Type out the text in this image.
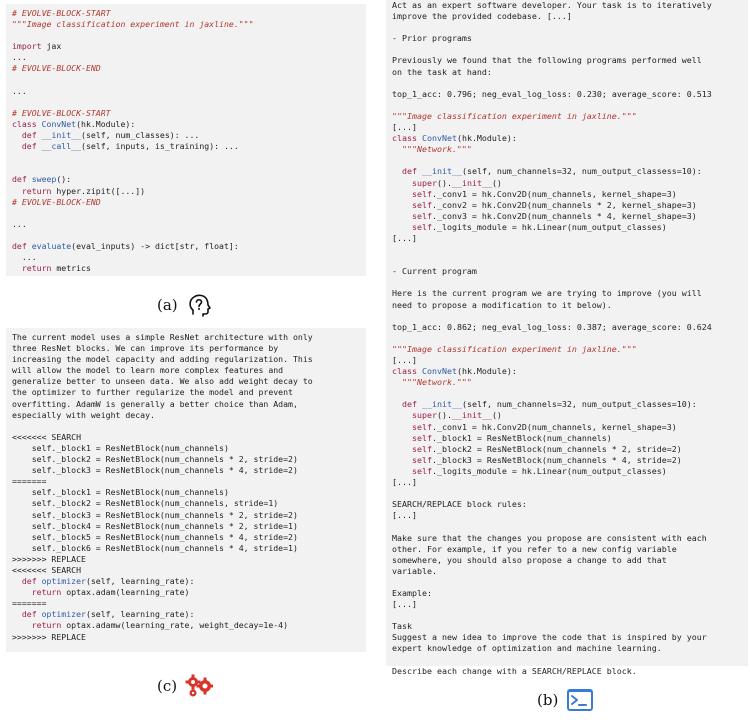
# EVOLVE-BLOCK-START
"""Image classification experiment in jaxline."""

import jax
...
# EVOLVE-BLOCK-END

...

# EVOLVE-BLOCK-START
class ConvNet(hk.Module):
def __init__(self, num_classes): ...
def __call__(self, inputs, is_training): ...

def sweep():
return hyper.zipit([...])
# EVOLVE-BLOCK-END

...

def evaluate(eval_inputs) -> dict[str, float]:
...
return metrics

(a)
The current model uses a simple ResNet architecture with only
three ResNet blocks. We can improve its performance by
increasing the model capacity and adding regularization. This
will allow the model to learn more complex features and
generalize better to unseen data. We also add weight decay to
the optimizer to further regularize the model and prevent
overfitting. AdamW is generally a better choice than Adam,
especially with weight decay.

<<<<<<< SEARCH
self._block1 = ResNetBlock(num_channels)
self._block2 = ResNetBlock(num_channels * 2, stride=2)
self._block3 = ResNetBlock(num_channels * 4, stride=2)
=======
self._block1 = ResNetBlock(num_channels)
self._block2 = ResNetBlock(num_channels, stride=1)
self._block3 = ResNetBlock(num_channels * 2, stride=2)
self._block4 = ResNetBlock(num_channels * 2, stride=1)
self._block5 = ResNetBlock(num_channels * 4, stride=2)
self._block6 = ResNetBlock(num_channels * 4, stride=1)
>>>>>>> REPLACE
<<<<<<< SEARCH
def optimizer(self, learning_rate):
return optax.adam(learning_rate)
=======
def optimizer(self, learning_rate):
return optax.adamw(learning_rate, weight_decay=1e-4)
>>>>>>> REPLACE

(c)
Act as an expert software developer. Your task is to iteratively
improve the provided codebase. [...]

- Prior programs

Previously we found that the following programs performed well
on the task at hand:

top_1_acc: 0.796; neg_eval_log_loss: 0.230; average_score: 0.513

"""Image classification experiment in jaxline."""
[...]
class ConvNet(hk.Module):
"""Network."""

def __init__(self, num_channels=32, num_output_classess=10):
super().__init__()
self._conv1 = hk.Conv2D(num_channels, kernel_shape=3)
self._conv2 = hk.Conv2D(num_channels * 2, kernel_shape=3)
self._conv3 = hk.Conv2D(num_channels * 4, kernel_shape=3)
self._logits_module = hk.Linear(num_output_classes)
[...]

- Current program

Here is the current program we are trying to improve (you will
need to propose a modification to it below).

top_1_acc: 0.862; neg_eval_log_loss: 0.387; average_score: 0.624

"""Image classification experiment in jaxline."""
[...]
class ConvNet(hk.Module):
"""Network."""

def __init__(self, num_channels=32, num_output_classes=10):
super().__init__()
self._conv1 = hk.Conv2D(num_channels, kernel_shape=3)
self._block1 = ResNetBlock(num_channels)
self._block2 = ResNetBlock(num_channels * 2, stride=2)
self._block3 = ResNetBlock(num_channels * 4, stride=2)
self._logits_module = hk.Linear(num_output_classes)
[...]

SEARCH/REPLACE block rules:
[...]

Make sure that the changes you propose are consistent with each
other. For example, if you refer to a new config variable
somewhere, you should also propose a change to add that
variable.

Example:
[...]

Task
Suggest a new idea to improve the code that is inspired by your
expert knowledge of optimization and machine learning.

Describe each change with a SEARCH/REPLACE block.

(b)
